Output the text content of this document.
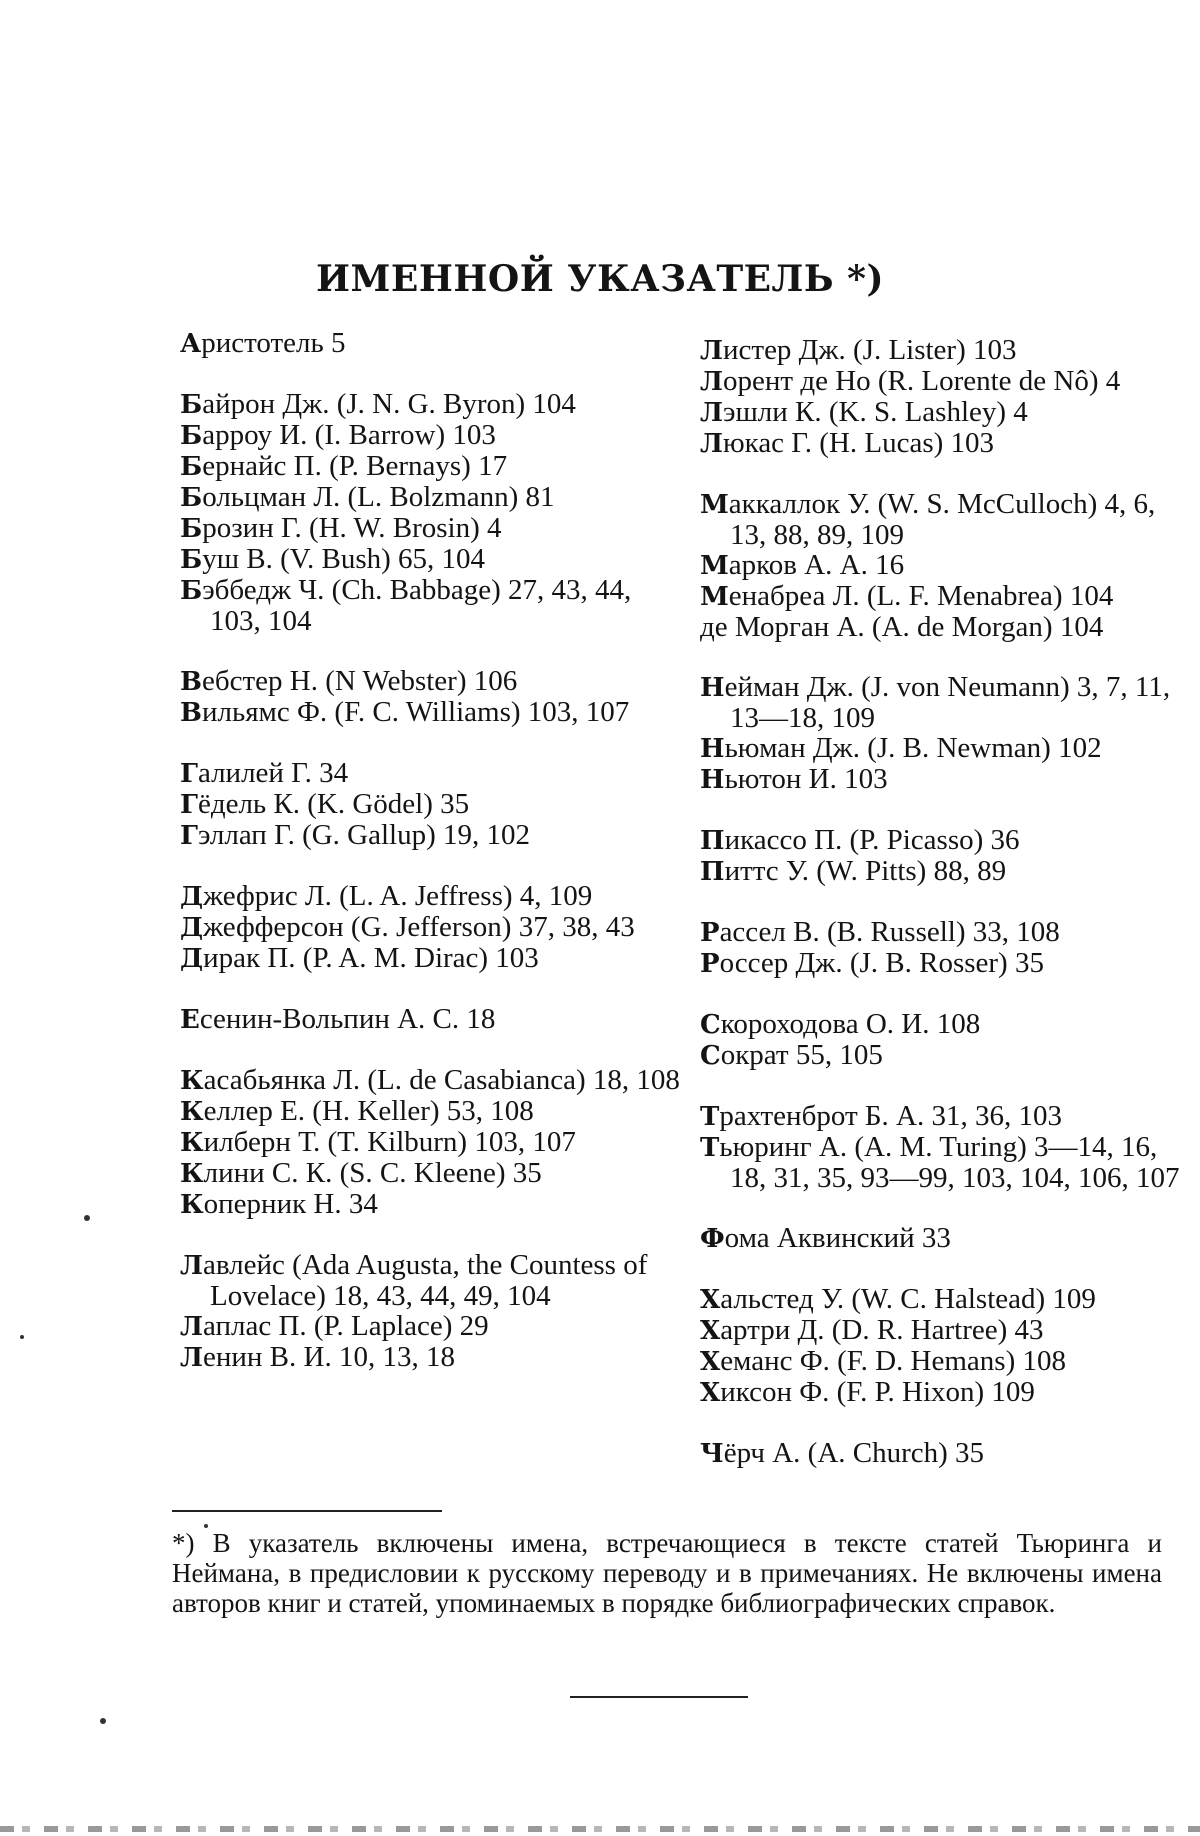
ИМЕННОЙ УКАЗАТЕЛЬ *)
Аристотель 5
Байрон Дж. (J. N. G. Byron) 104
Барроу И. (I. Barrow) 103
Бернайс П. (P. Bernays) 17
Больцман Л. (L. Bolzmann) 81
Брозин Г. (H. W. Brosin) 4
Буш В. (V. Bush) 65, 104
Бэббедж Ч. (Ch. Babbage) 27, 43, 44, 103, 104
Вебстер Н. (N Webster) 106
Вильямс Ф. (F. C. Williams) 103, 107
Галилей Г. 34
Гёдель К. (K. Gödel) 35
Гэллап Г. (G. Gallup) 19, 102
Джефрис Л. (L. A. Jeffress) 4, 109
Джефферсон (G. Jefferson) 37, 38, 43
Дирак П. (P. A. M. Dirac) 103
Есенин-Вольпин А. С. 18
Касабьянка Л. (L. de Casabianca) 18, 108
Келлер Е. (H. Keller) 53, 108
Килберн Т. (T. Kilburn) 103, 107
Клини С. К. (S. C. Kleene) 35
Коперник Н. 34
Лавлейс (Ada Augusta, the Countess of Lovelace) 18, 43, 44, 49, 104
Лаплас П. (P. Laplace) 29
Ленин В. И. 10, 13, 18
Листер Дж. (J. Lister) 103
Лорент де Но (R. Lorente de Nô) 4
Лэшли К. (K. S. Lashley) 4
Люкас Г. (H. Lucas) 103
Маккаллок У. (W. S. McCulloch) 4, 6, 13, 88, 89, 109
Марков А. А. 16
Менабреа Л. (L. F. Menabrea) 104
де Морган А. (A. de Morgan) 104
Нейман Дж. (J. von Neumann) 3, 7, 11, 13—18, 109
Ньюман Дж. (J. B. Newman) 102
Ньютон И. 103
Пикассо П. (P. Picasso) 36
Питтс У. (W. Pitts) 88, 89
Рассел В. (B. Russell) 33, 108
Россер Дж. (J. B. Rosser) 35
Скороходова О. И. 108
Сократ 55, 105
Трахтенброт Б. А. 31, 36, 103
Тьюринг А. (A. M. Turing) 3—14, 16, 18, 31, 35, 93—99, 103, 104, 106, 107
Фома Аквинский 33
Хальстед У. (W. C. Halstead) 109
Хартри Д. (D. R. Hartree) 43
Хеманс Ф. (F. D. Hemans) 108
Хиксон Ф. (F. P. Hixon) 109
Чёрч А. (A. Church) 35

*) В указатель включены имена, встречающиеся в тексте статей Тьюринга и Неймана, в предисловии к русскому переводу и в примечаниях. Не включены имена авторов книг и статей, упоминаемых в порядке библиографических справок.
